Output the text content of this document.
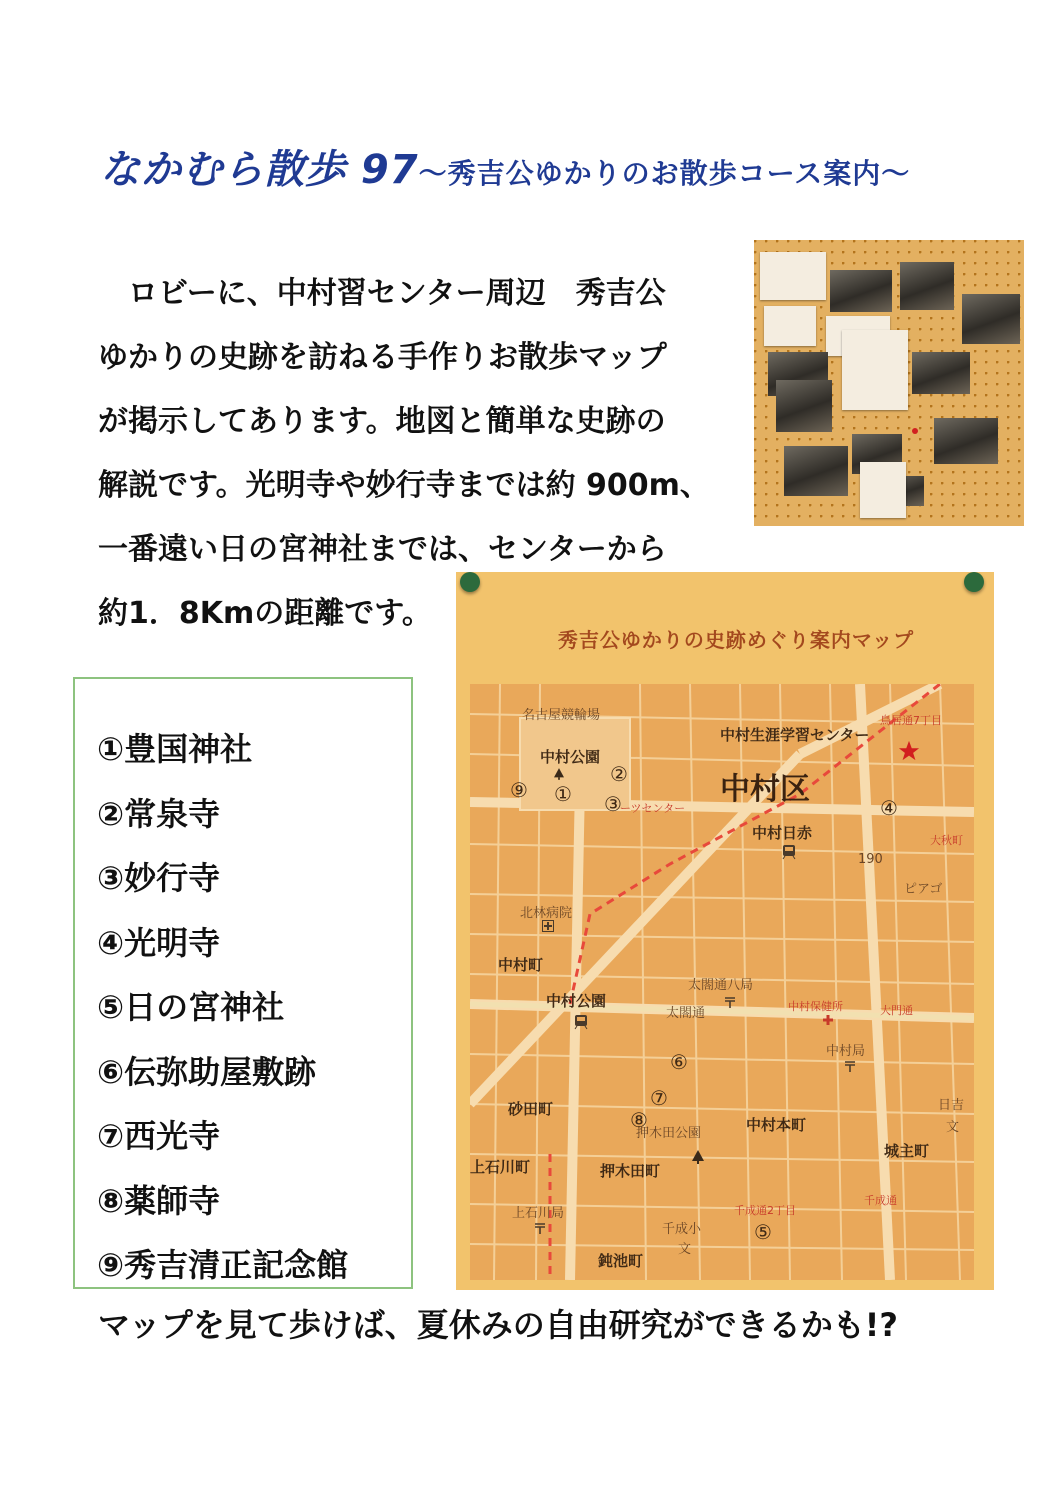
なかむら散歩 97～秀吉公ゆかりのお散歩コース案内～
　ロビーに、中村習センター周辺　秀吉公
ゆかりの史跡を訪ねる手作りお散歩マップ
が掲示してあります。地図と簡単な史跡の
解説です。光明寺や妙行寺までは約 900m、
一番遠い日の宮神社までは、センターから
約1．8Kmの距離です。
秀吉公ゆかりの史跡めぐり案内マップ
名古屋競輪場
中村公園
ーツセンター
中村生涯学習センター
鳥居通7丁目
中村区
中村日赤
190
大秋町
ピアゴ
北林病院
中村町
太閤通八局
中村公園
太閤通	中村保健所	大門通
中村局
砂田町
押木田公園	中村本町
日吉
文
上石川町	押木田町
城主町
上石川局
千成通
千成通2丁目
千成小
文
鈍池町
①
②
③	④
⑤
⑥
⑦
⑧
⑨
①豊国神社
②常泉寺
③妙行寺
④光明寺
⑤日の宮神社
⑥伝弥助屋敷跡
⑦西光寺
⑧薬師寺
⑨秀吉清正記念館
マップを見て歩けば、夏休みの自由研究ができるかも!?
